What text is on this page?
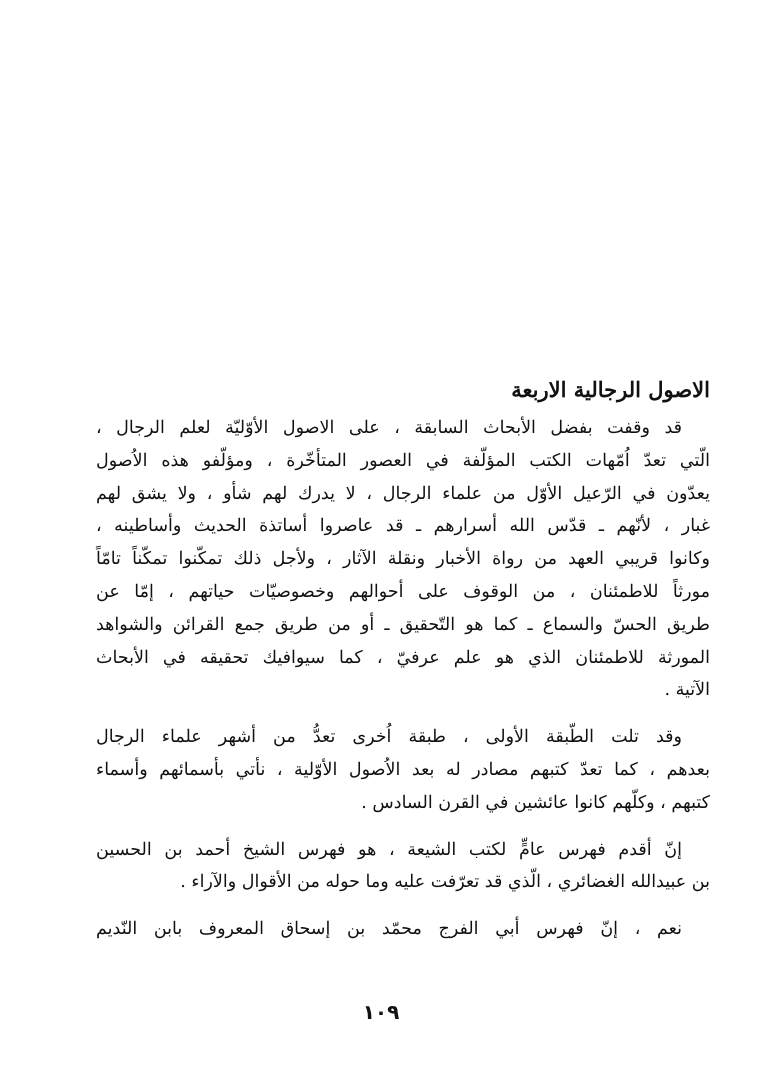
الاصول الرجالية الاربعة
قد وقفت بفضل الأبحاث السابقة ، على الاصول الأوّليّة لعلم الرجال ،
الّتي تعدّ اُمّهات الكتب المؤلّفة في العصور المتأخّرة ، ومؤلّفو هذه الاُصول
يعدّون في الرّعيل الأوّل من علماء الرجال ، لا يدرك لهم شأو ، ولا يشق لهم
غبار ، لأنّهم ـ قدّس الله أسرارهم ـ قد عاصروا أساتذة الحديث وأساطينه ،
وكانوا قريبي العهد من رواة الأخبار ونقلة الآثار ، ولأجل ذلك تمكّنوا تمكّناً تامّاً
مورثاً للاطمئنان ، من الوقوف على أحوالهم وخصوصيّات حياتهم ، إمّا عن
طريق الحسّ والسماع ـ كما هو التّحقيق ـ أو من طريق جمع القرائن والشواهد
المورثة للاطمئنان الذي هو علم عرفيّ ، كما سيوافيك تحقيقه في الأبحاث
الآتية .
وقد تلت الطّبقة الأولى ، طبقة اُخرى تعدُّ من أشهر علماء الرجال
بعدهم ، كما تعدّ كتبهم مصادر له بعد الاُصول الأوّلية ، نأتي بأسمائهم وأسماء
كتبهم ، وكلّهم كانوا عائشين في القرن السادس .
إنّ أقدم فهرس عامٍّ لكتب الشيعة ، هو فهرس الشيخ أحمد بن الحسين
بن عبيدالله الغضائري ، الّذي قد تعرّفت عليه وما حوله من الأقوال والآراء .
نعم ، إنّ فهرس أبي الفرج محمّد بن إسحاق المعروف بابن النّديم
١٠٩
